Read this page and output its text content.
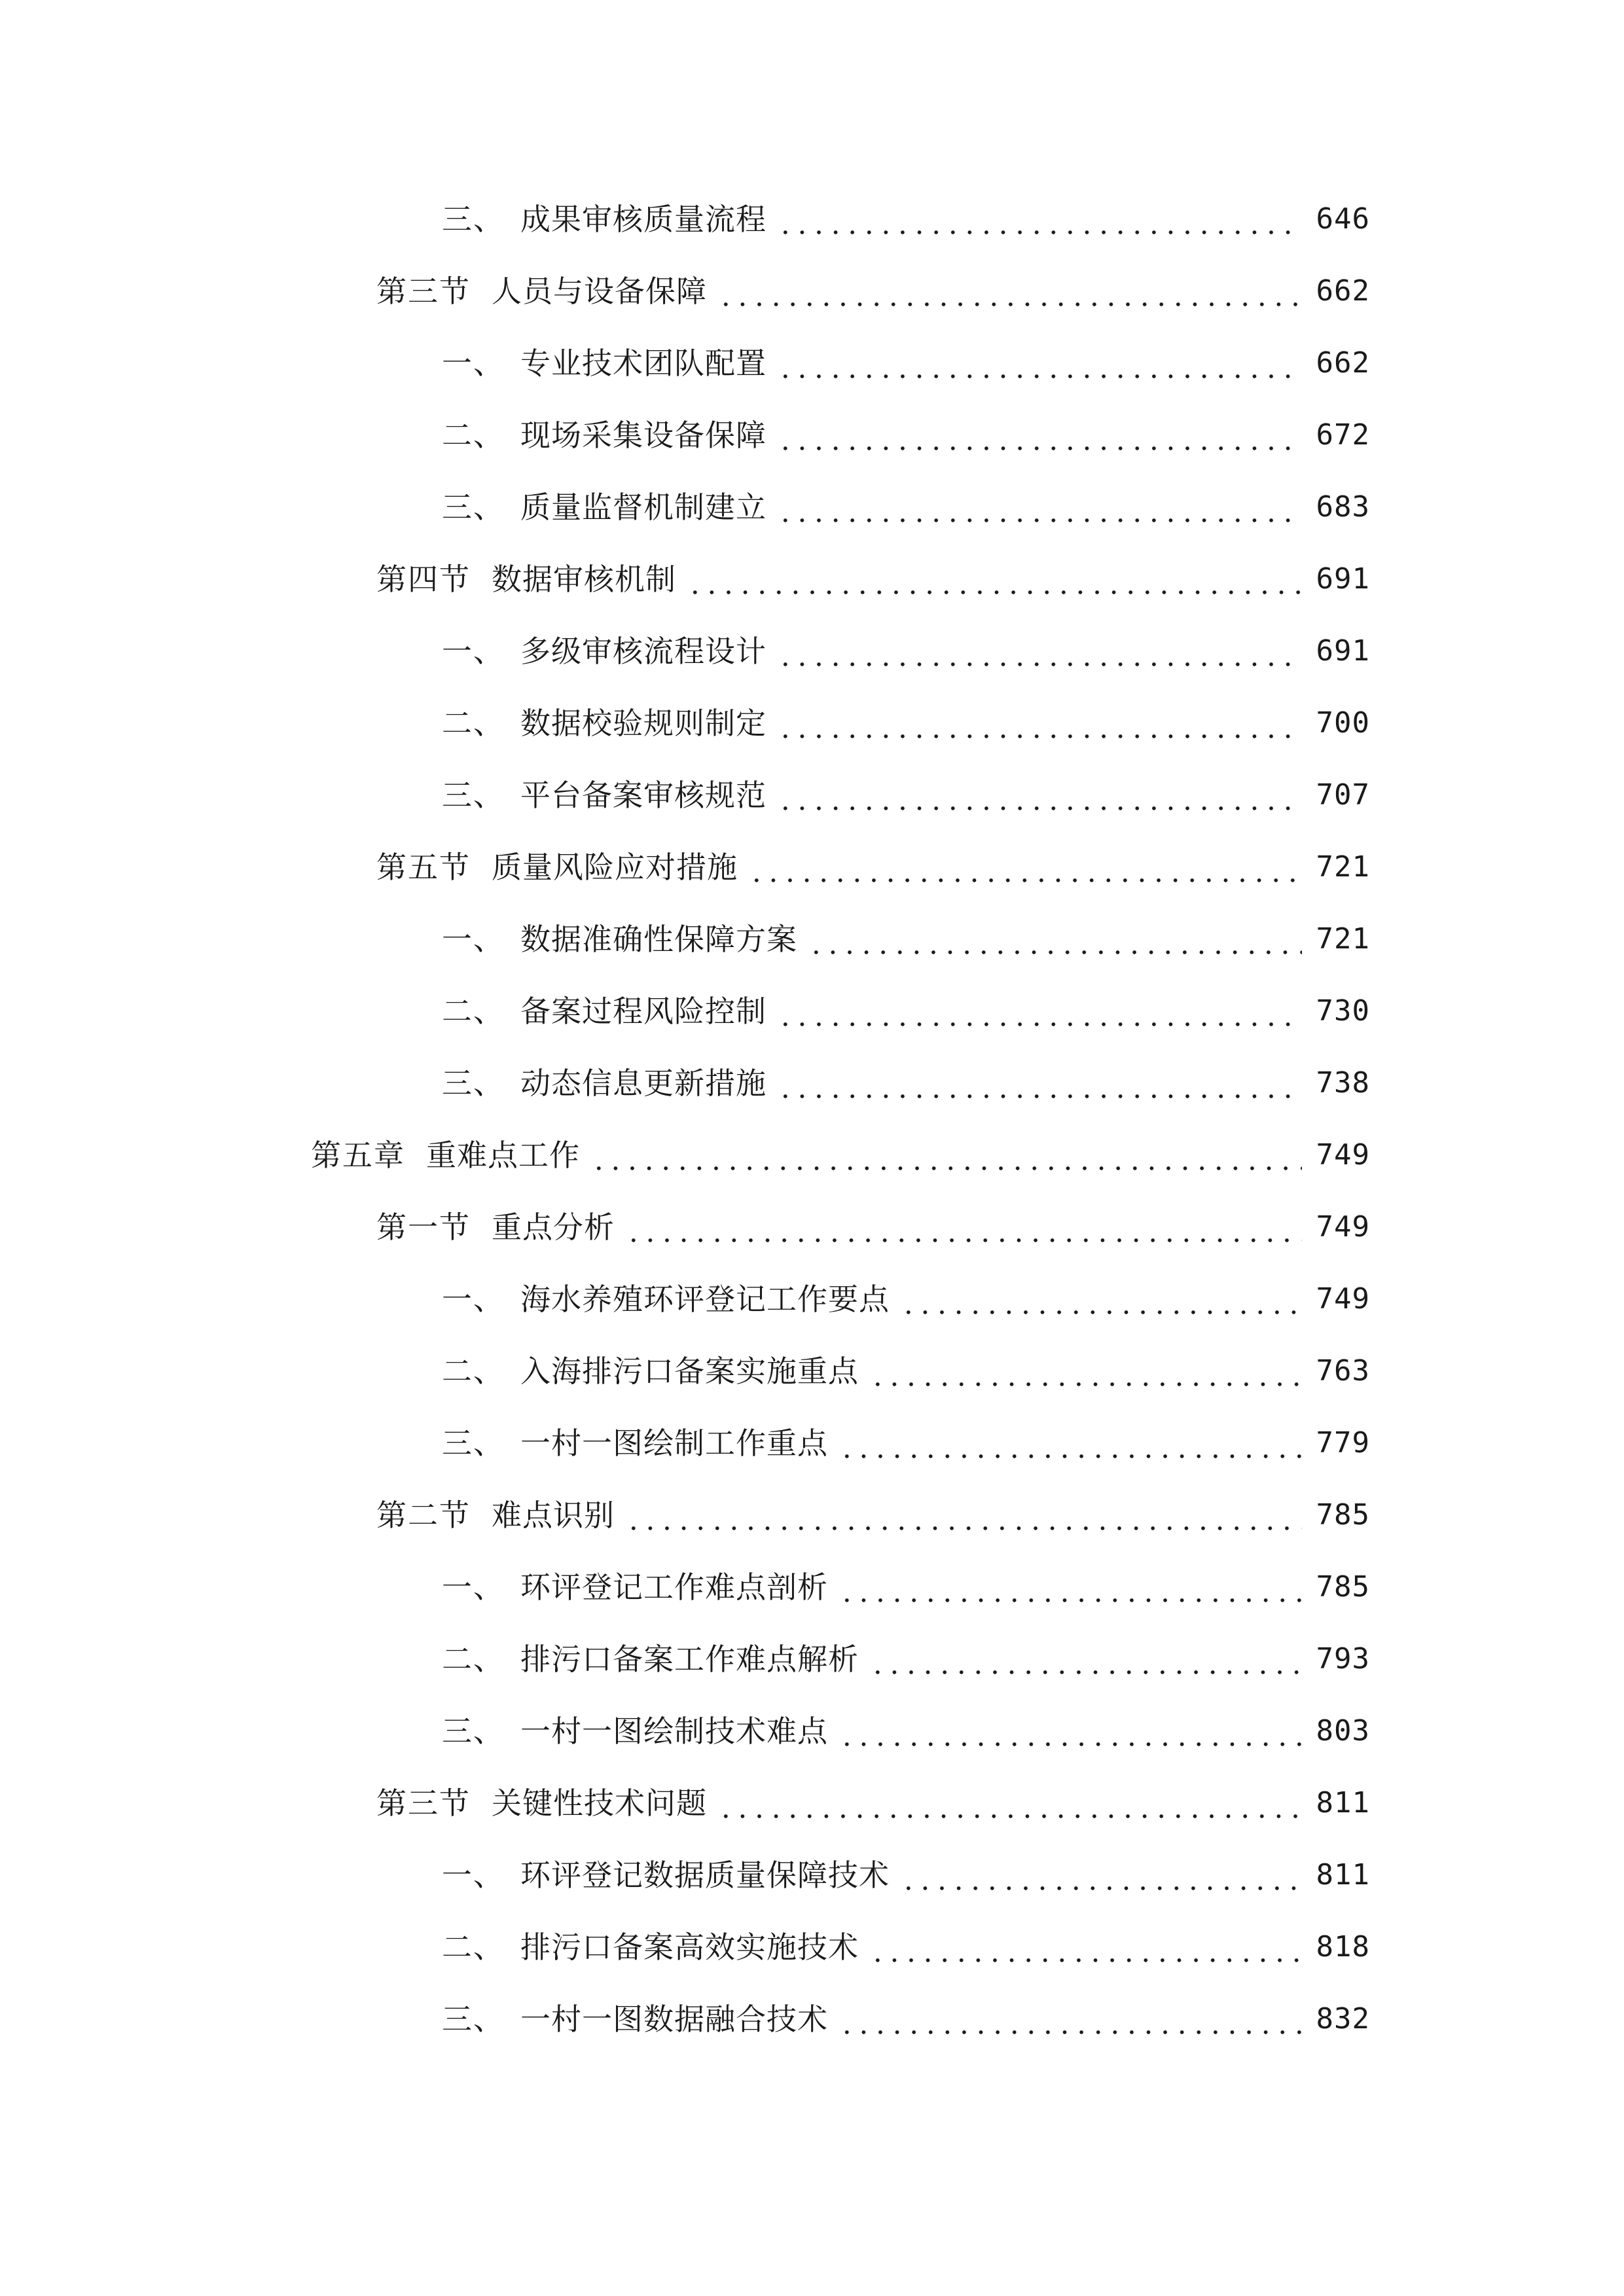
三、 成果审核质量流程	646
第三节 人员与设备保障	662
一、 专业技术团队配置	662
二、 现场采集设备保障	672
三、 质量监督机制建立	683
第四节 数据审核机制	691
一、 多级审核流程设计	691
二、 数据校验规则制定	700
三、 平台备案审核规范	707
第五节 质量风险应对措施	721
一、 数据准确性保障方案	721
二、 备案过程风险控制	730
三、 动态信息更新措施	738
第五章 重难点工作	749
第一节 重点分析	749
一、 海水养殖环评登记工作要点	749
二、 入海排污口备案实施重点	763
三、 一村一图绘制工作重点	779
第二节 难点识别	785
一、 环评登记工作难点剖析	785
二、 排污口备案工作难点解析	793
三、 一村一图绘制技术难点	803
第三节 关键性技术问题	811
一、 环评登记数据质量保障技术	811
二、 排污口备案高效实施技术	818
三、 一村一图数据融合技术	832
